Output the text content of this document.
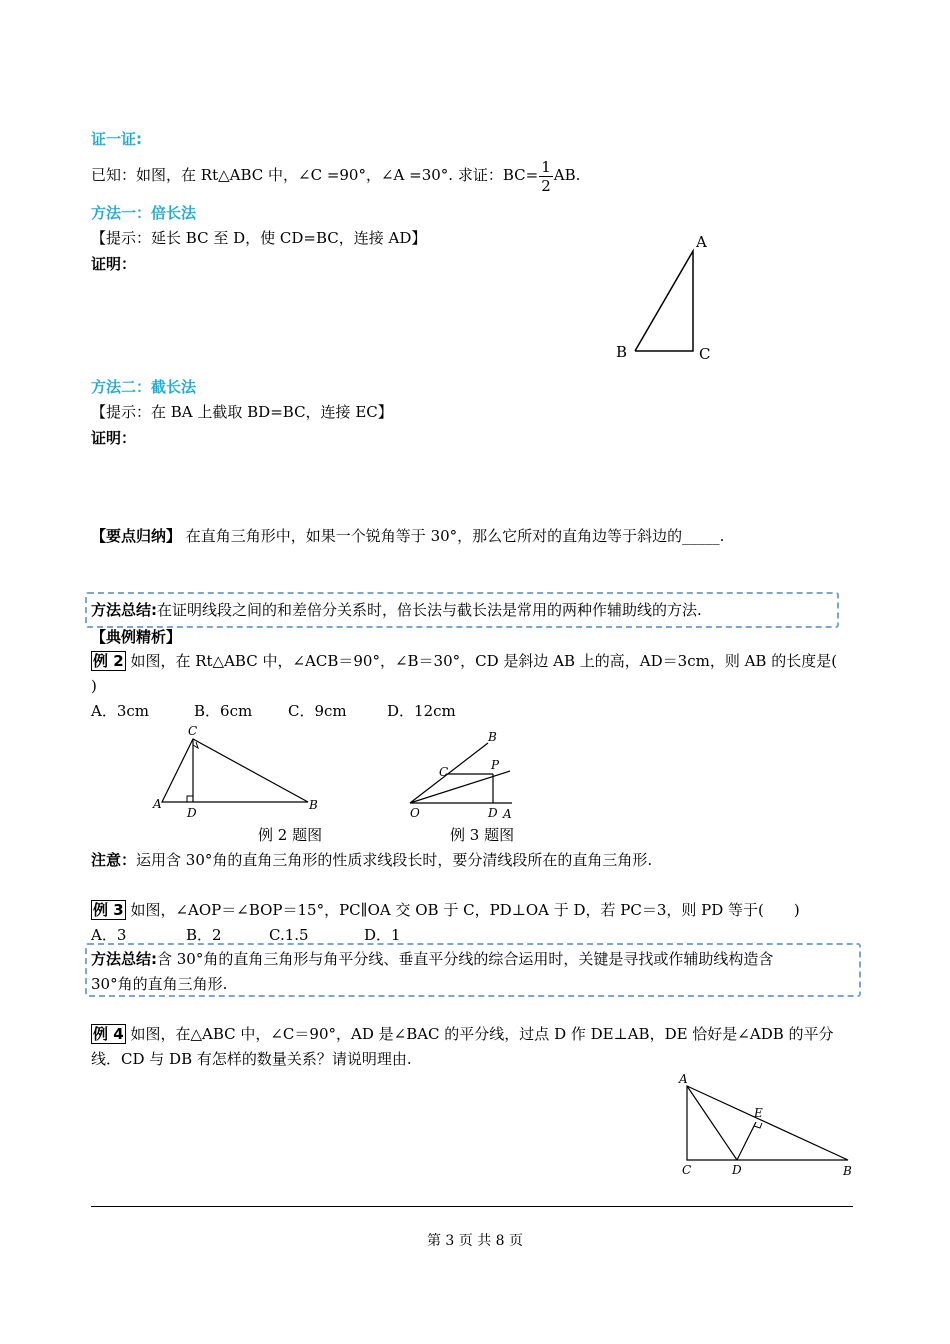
证一证:
已知：如图，在 Rt△ABC 中，∠C =90°，∠A =30°. 求证：$BC= \frac{1}{2}$ AB.
方法一：倍长法
【提示：延长 BC 至 D，使 CD=BC，连接 AD】
证明：
A
B	C
方法二：截长法
【提示：在 BA 上截取 BD=BC，连接 EC】
证明：
【要点归纳】 在直角三角形中，如果一个锐角等于 30°，那么它所对的直角边等于斜边的_____.
方法总结:在证明线段之间的和差倍分关系时，倍长法与截长法是常用的两种作辅助线的方法.
【典例精析】
例 2 如图，在 Rt△ABC 中，∠ACB＝90°，∠B＝30°，CD 是斜边 AB 上的高，AD＝3cm，则 AB 的长度是(
)
A．3cm	B．6cm C．9cm	D．12cm
A
C
D
B
例 2 题图
B
C	P
O	D A
例 3 题图
注意：运用含 30°角的直角三角形的性质求线段长时，要分清线段所在的直角三角形.
例 3 如图，∠AOP＝∠BOP＝15°，PC∥OA 交 OB 于 C，PD⊥OA 于 D，若 PC＝3，则 PD 等于(　　)
A．3	B．2	C.1.5	D．1
方法总结:含 30°角的直角三角形与角平分线、垂直平分线的综合运用时，关键是寻找或作辅助线构造含
30°角的直角三角形.
例 4 如图，在△ABC 中，∠C＝90°，AD 是∠BAC 的平分线，过点 D 作 DE⊥AB，DE 恰好是∠ADB 的平分
线．CD 与 DB 有怎样的数量关系？请说明理由.
A
E
C	D	B
第 3 页 共 8 页
